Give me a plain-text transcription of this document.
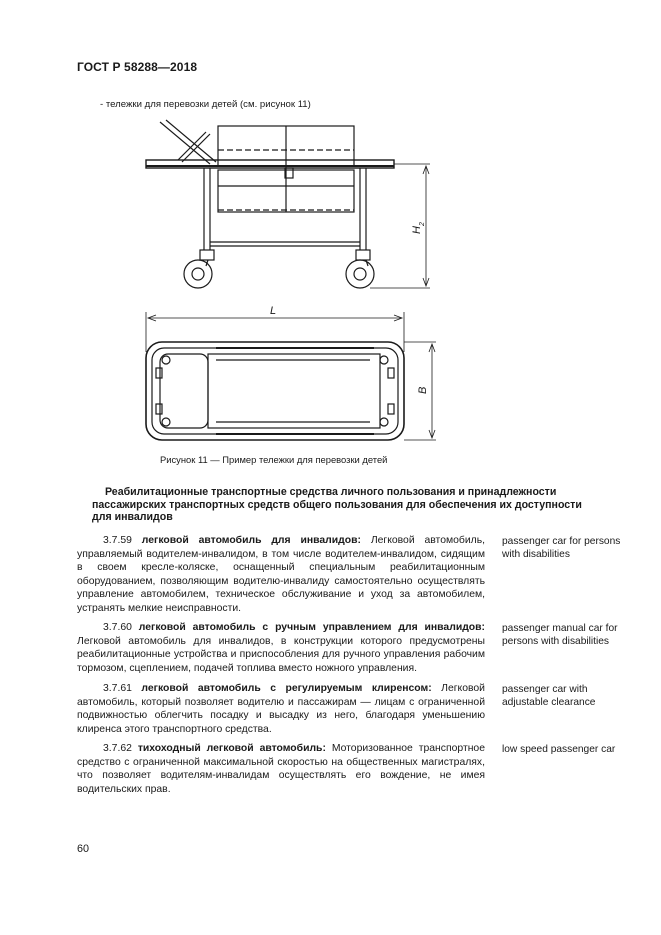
ГОСТ Р 58288—2018
- тележки для перевозки детей (см. рисунок 11)
H
2
L
B
Рисунок 11 — Пример тележки для перевозки детей
Реабилитационные транспортные средства личного пользования и принадлежности пассажирских транспортных средств общего пользования для обеспечения их доступности для инвалидов
3.7.59 легковой автомобиль для инвалидов: Легковой автомобиль, управляемый водителем-инвалидом, в том числе водителем-инвалидом, сидящим в своем кресле-коляске, оснащенный специальным реабилитационным оборудованием, позволяющим водителю-инвалиду самостоятельно осуществлять управление автомобилем, техническое обслуживание и уход за автомобилем, устранять мелкие неисправности.
passenger car for persons with disabilities
3.7.60 легковой автомобиль с ручным управлением для инвалидов: Легковой автомобиль для инвалидов, в конструкции которого предусмотрены реабилитационные устройства и приспособления для ручного управления рабочим тормозом, сцеплением, подачей топлива вместо ножного управления.
passenger manual car for persons with disabilities
3.7.61 легковой автомобиль с регулируемым клиренсом: Легковой автомобиль, который позволяет водителю и пассажирам — лицам с ограниченной подвижностью облегчить посадку и высадку из него, благодаря уменьшению клиренса этого транспортного средства.
passenger car with adjustable clearance
3.7.62 тихоходный легковой автомобиль: Моторизованное транспортное средство с ограниченной максимальной скоростью на общественных магистралях, что позволяет водителям-инвалидам осуществлять его вождение, не имея водительских прав.
low speed passenger car
60
